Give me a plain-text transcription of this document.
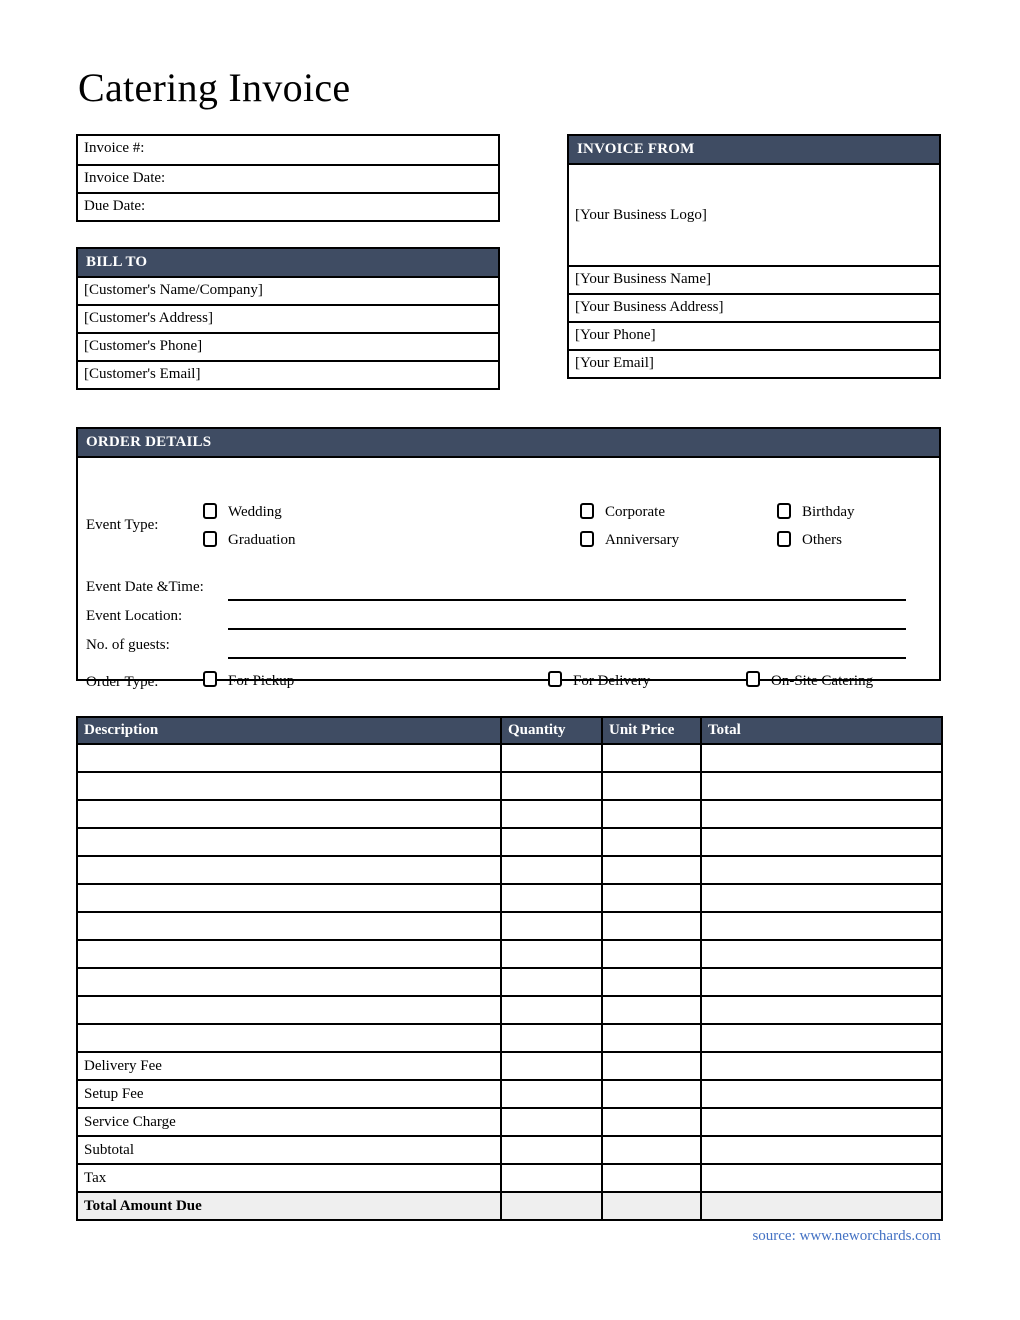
Catering Invoice
Invoice #:
Invoice Date:
Due Date:
BILL TO
[Customer's Name/Company]
[Customer's Address]
[Customer's Phone]
[Customer's Email]
INVOICE FROM
[Your Business Logo]
[Your Business Name]
[Your Business Address]
[Your Phone]
[Your Email]
ORDER DETAILS
Event Type:
Wedding
Graduation
Corporate
Anniversary
Birthday
Others
Event Date &Time:
Event Location:
No. of guests:
Order Type:	For Pickup	For Delivery	On-Site Catering
Description	Quantity	Unit Price	Total

Delivery Fee			
Setup Fee			
Service Charge			
Subtotal			
Tax			
Total Amount Due			
source: www.neworchards.com
